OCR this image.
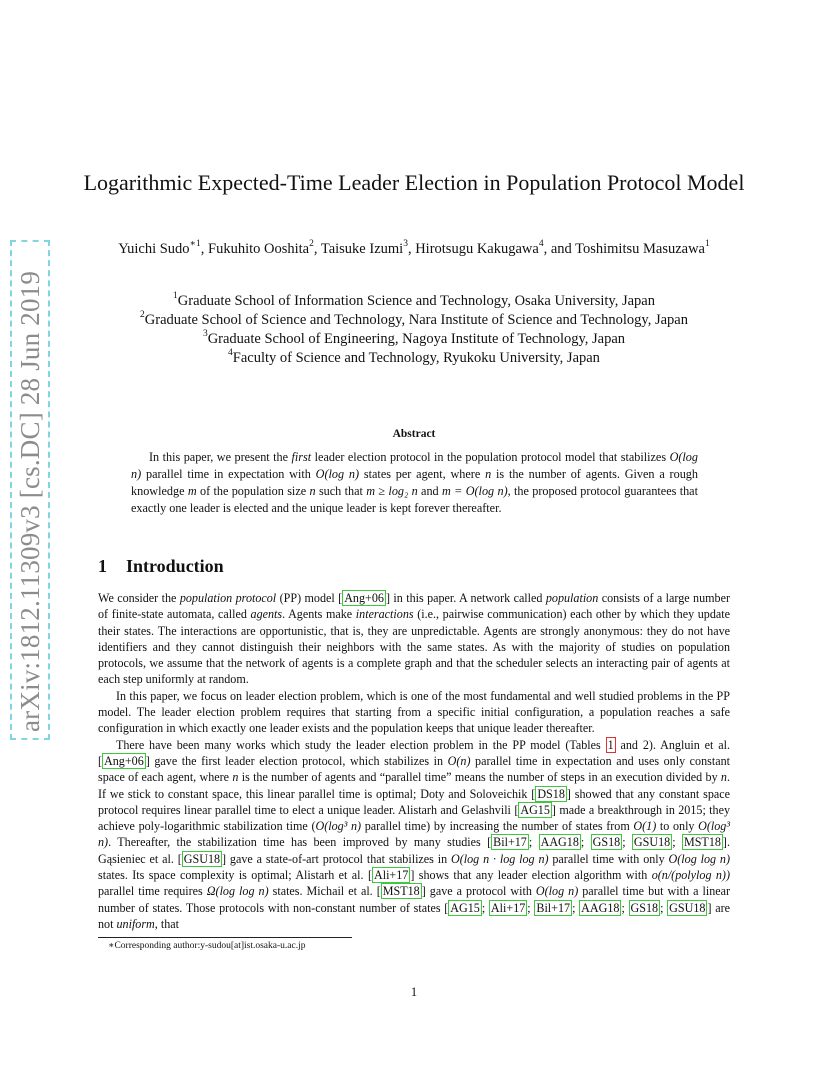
arXiv:1812.11309v3 [cs.DC] 28 Jun 2019
Logarithmic Expected-Time Leader Election in Population Protocol Model
Yuichi Sudo$^{∗1}$, Fukuhito Ooshita$^2$, Taisuke Izumi$^3$, Hirotsugu Kakugawa$^4$, and Toshimitsu Masuzawa$^1$
$^1$Graduate School of Information Science and Technology, Osaka University, Japan
$^2$Graduate School of Science and Technology, Nara Institute of Science and Technology, Japan
$^3$Graduate School of Engineering, Nagoya Institute of Technology, Japan
$^4$Faculty of Science and Technology, Ryukoku University, Japan
Abstract

In this paper, we present the first leader election protocol in the population protocol model that stabilizes O(log n) parallel time in expectation with O(log n) states per agent, where n is the number of agents. Given a rough knowledge m of the population size n such that m ≥ log₂ n and m = O(log n), the proposed protocol guarantees that exactly one leader is elected and the unique leader is kept forever thereafter.

1 Introduction

We consider the population protocol (PP) model [ Ang+06 ] in this paper. A network called population consists of a large number of finite-state automata, called agents. Agents make interactions (i.e., pairwise communication) each other by which they update their states. The interactions are opportunistic, that is, they are unpredictable. Agents are strongly anonymous: they do not have identifiers and they cannot distinguish their neighbors with the same states. As with the majority of studies on population protocols, we assume that the network of agents is a complete graph and that the scheduler selects an interacting pair of agents at each step uniformly at random.

In this paper, we focus on leader election problem, which is one of the most fundamental and well studied problems in the PP model. The leader election problem requires that starting from a specific initial configuration, a population reaches a safe configuration in which exactly one leader exists and the population keeps that unique leader thereafter.

There have been many works which study the leader election problem in the PP model (Tables 1 and 2). Angluin et al. [ Ang+06 ] gave the first leader election protocol, which stabilizes in O(n) parallel time in expectation and uses only constant space of each agent, where n is the number of agents and “parallel time” means the number of steps in an execution divided by n. If we stick to constant space, this linear parallel time is optimal; Doty and Soloveichik [ DS18 ] showed that any constant space protocol requires linear parallel time to elect a unique leader. Alistarh and Gelashvili [ AG15 ] made a breakthrough in 2015; they achieve poly-logarithmic stabilization time (O(log³ n) parallel time) by increasing the number of states from O(1) to only O(log³ n). Thereafter, the stabilization time has been improved by many studies [ Bil+17 ; AAG18 ; GS18 ; GSU18 ; MST18 ]. Gąsieniec et al. [ GSU18 ] gave a state-of-art protocol that stabilizes in O(log n · log log n) parallel time with only O(log log n) states. Its space complexity is optimal; Alistarh et al. [ Ali+17 ] shows that any leader election algorithm with o(n/(polylog n)) parallel time requires Ω(log log n) states. Michail et al. [ MST18 ] gave a protocol with O(log n) parallel time but with a linear number of states. Those protocols with non-constant number of states [ AG15 ; Ali+17 ; Bil+17 ; AAG18 ; GS18 ; GSU18 ] are not uniform, that

∗Corresponding author:y-sudou[at]ist.osaka-u.ac.jp
1
